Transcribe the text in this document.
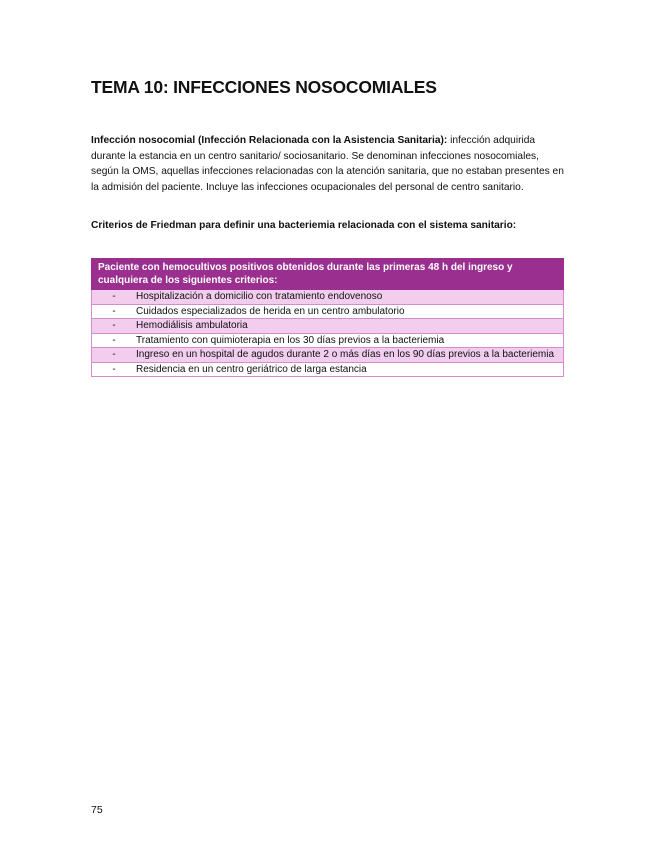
TEMA 10: INFECCIONES NOSOCOMIALES

Infección nosocomial (Infección Relacionada con la Asistencia Sanitaria): infección adquirida durante la estancia en un centro sanitario/ sociosanitario. Se denominan infecciones nosocomiales, según la OMS, aquellas infecciones relacionadas con la atención sanitaria, que no estaban presentes en la admisión del paciente. Incluye las infecciones ocupacionales del personal de centro sanitario.

Criterios de Friedman para definir una bacteriemia relacionada con el sistema sanitario:

Paciente con hemocultivos positivos obtenidos durante las primeras 48 h del ingreso y cualquiera de los siguientes criterios:

-	Hospitalización a domicilio con tratamiento endovenoso

-	Cuidados especializados de herida en un centro ambulatorio

-	Hemodiálisis ambulatoria

-	Tratamiento con quimioterapia en los 30 días previos a la bacteriemia

-	Ingreso en un hospital de agudos durante 2 o más días en los 90 días previos a la bacteriemia

-	Residencia en un centro geriátrico de larga estancia

75
